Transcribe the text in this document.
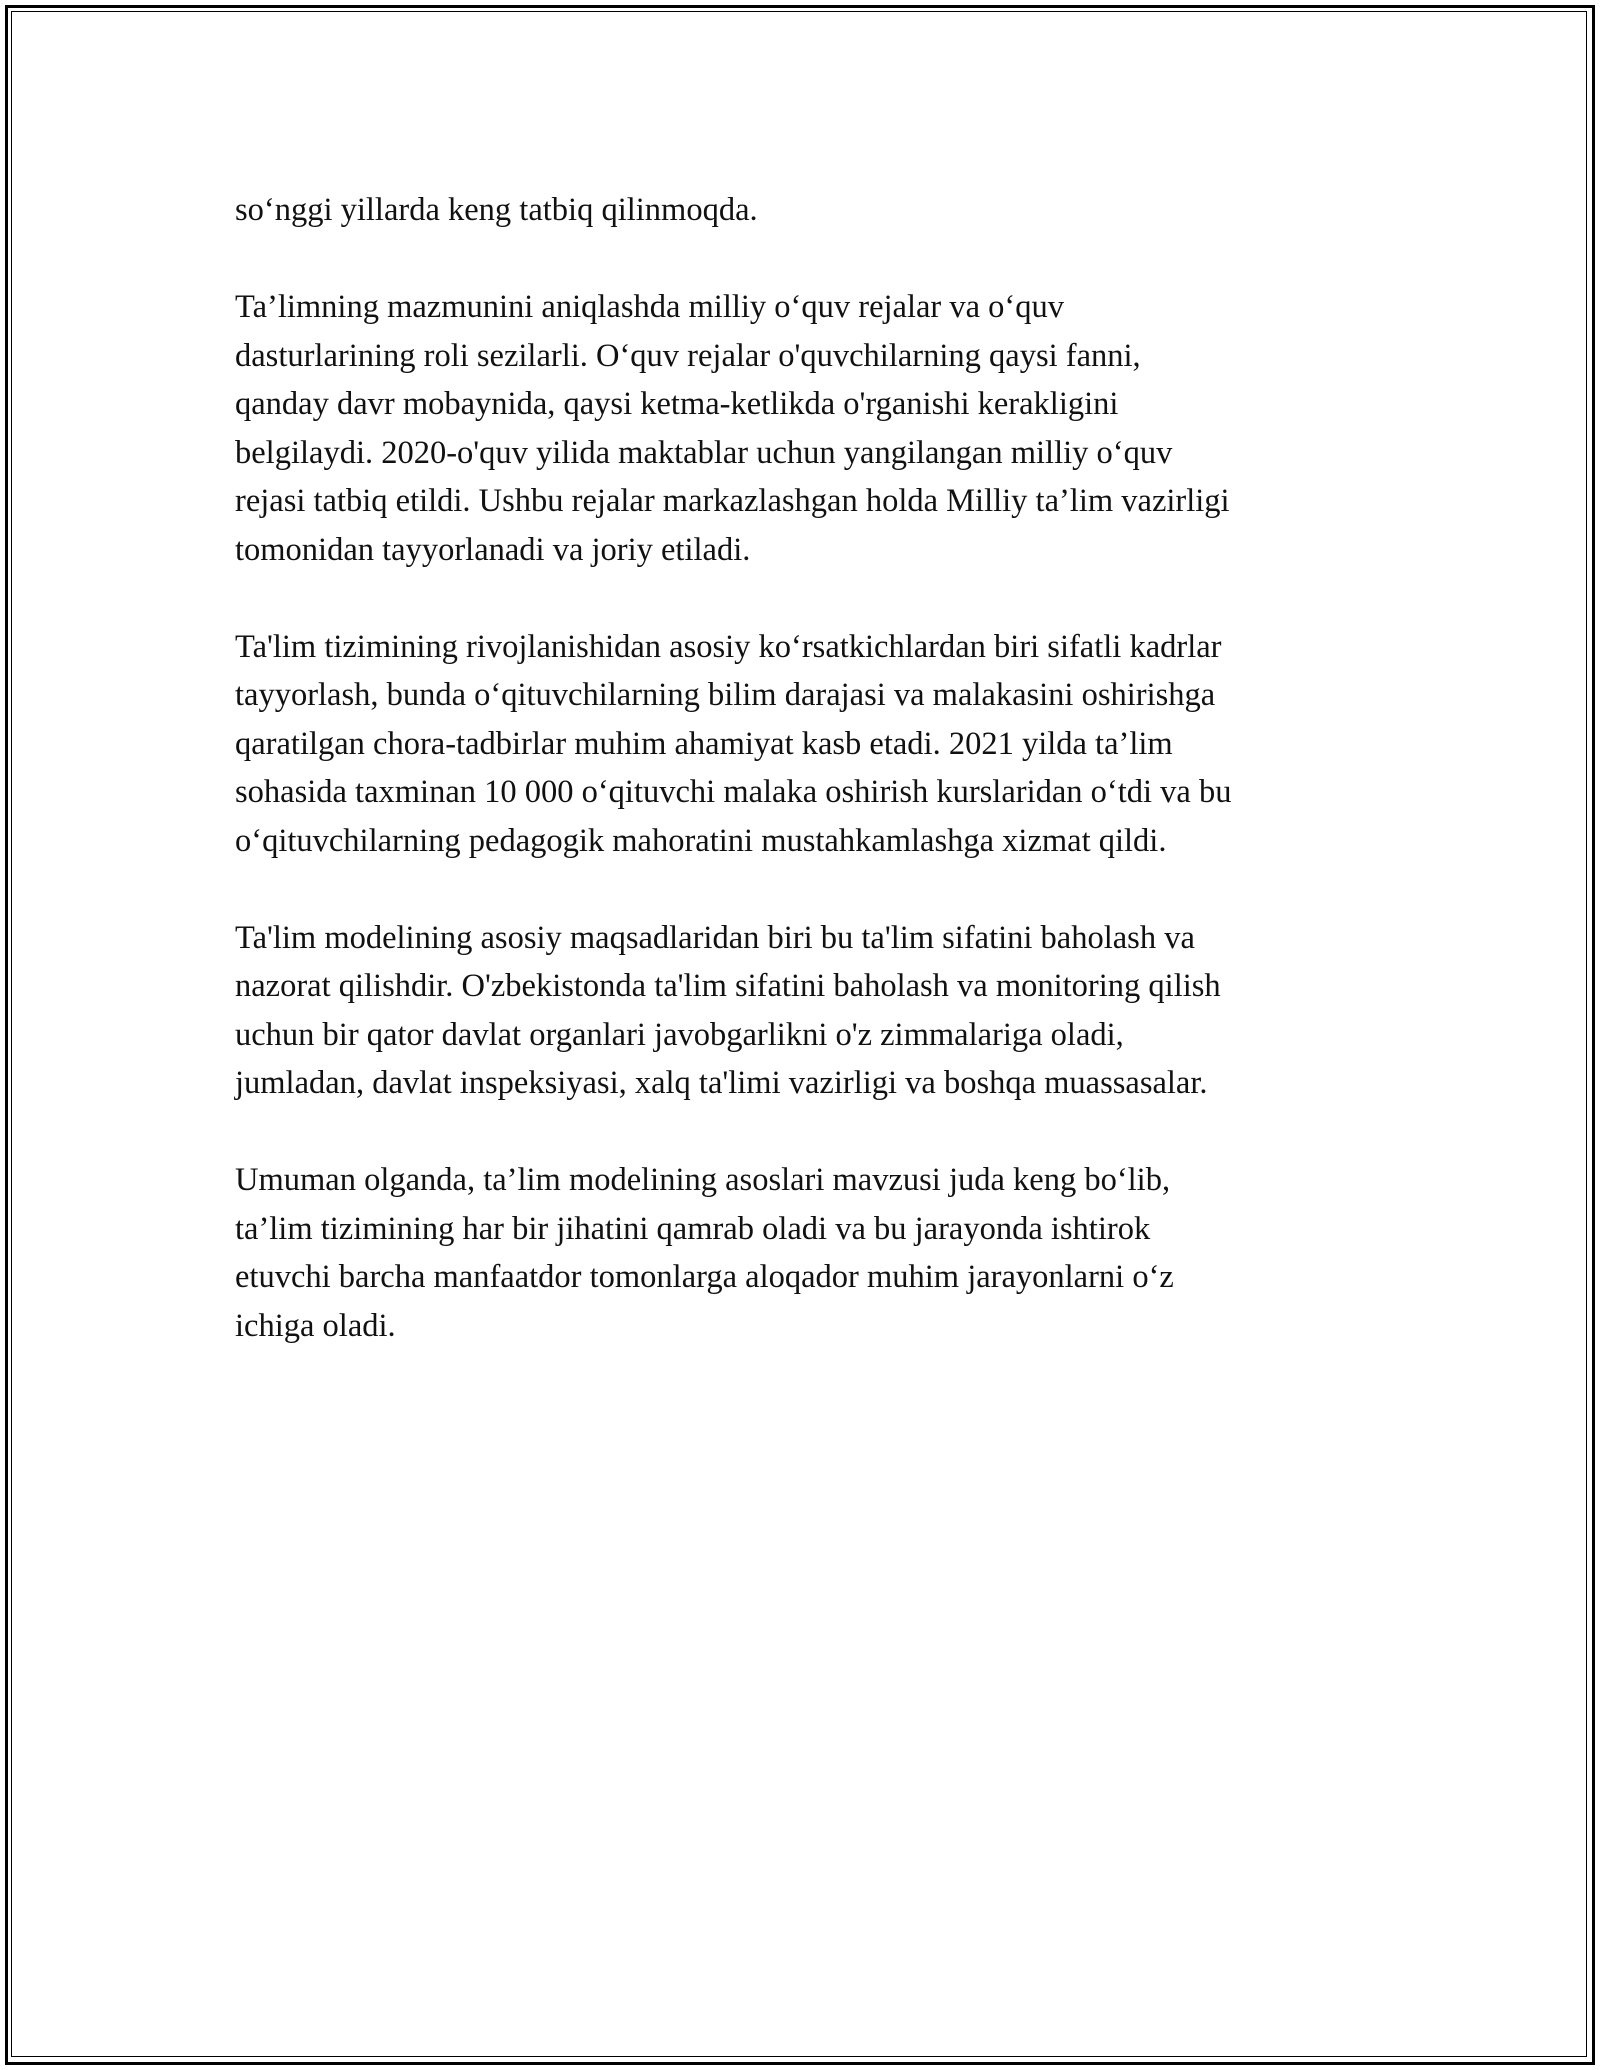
so‘nggi yillarda keng tatbiq qilinmoqda.

Ta’limning mazmunini aniqlashda milliy o‘quv rejalar va o‘quv
dasturlarining roli sezilarli. O‘quv rejalar o'quvchilarning qaysi fanni,
qanday davr mobaynida, qaysi ketma-ketlikda o'rganishi kerakligini
belgilaydi. 2020-o'quv yilida maktablar uchun yangilangan milliy o‘quv
rejasi tatbiq etildi. Ushbu rejalar markazlashgan holda Milliy ta’lim vazirligi
tomonidan tayyorlanadi va joriy etiladi.

Ta'lim tizimining rivojlanishidan asosiy ko‘rsatkichlardan biri sifatli kadrlar
tayyorlash, bunda o‘qituvchilarning bilim darajasi va malakasini oshirishga
qaratilgan chora-tadbirlar muhim ahamiyat kasb etadi. 2021 yilda ta’lim
sohasida taxminan 10 000 o‘qituvchi malaka oshirish kurslaridan o‘tdi va bu
o‘qituvchilarning pedagogik mahoratini mustahkamlashga xizmat qildi.

Ta'lim modelining asosiy maqsadlaridan biri bu ta'lim sifatini baholash va
nazorat qilishdir. O'zbekistonda ta'lim sifatini baholash va monitoring qilish
uchun bir qator davlat organlari javobgarlikni o'z zimmalariga oladi,
jumladan, davlat inspeksiyasi, xalq ta'limi vazirligi va boshqa muassasalar.

Umuman olganda, ta’lim modelining asoslari mavzusi juda keng bo‘lib,
ta’lim tizimining har bir jihatini qamrab oladi va bu jarayonda ishtirok
etuvchi barcha manfaatdor tomonlarga aloqador muhim jarayonlarni o‘z
ichiga oladi.
